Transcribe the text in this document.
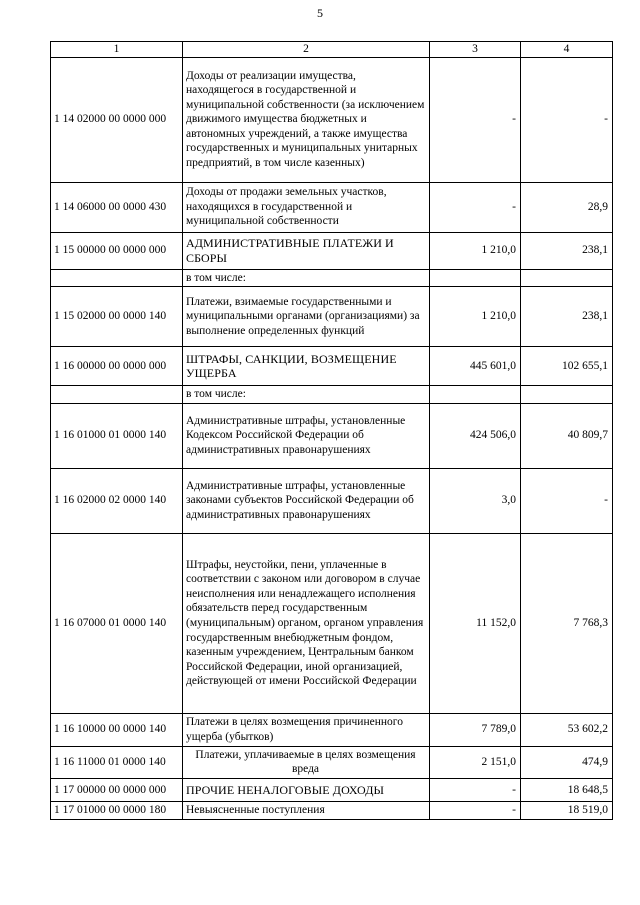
5
1	2	3	4
1 14 02000 00 0000 000	Доходы от реализации имущества, находящегося в государственной и муниципальной собственности (за исключением движимого имущества бюджетных и автономных учреждений, а также имущества государственных и муниципальных унитарных предприятий, в том числе казенных)	-	-
1 14 06000 00 0000 430	Доходы от продажи земельных участков, находящихся в государственной и муниципальной собственности	-	28,9
1 15 00000 00 0000 000	АДМИНИСТРАТИВНЫЕ ПЛАТЕЖИ И СБОРЫ	1 210,0	238,1
	в том числе:		
1 15 02000 00 0000 140	Платежи, взимаемые государственными и муниципальными органами (организациями) за выполнение определенных функций	1 210,0	238,1
1 16 00000 00 0000 000	ШТРАФЫ, САНКЦИИ, ВОЗМЕЩЕНИЕ УЩЕРБА	445 601,0	102 655,1
	в том числе:		
1 16 01000 01 0000 140	Административные штрафы, установленные Кодексом Российской Федерации об административных правонарушениях	424 506,0	40 809,7
1 16 02000 02 0000 140	Административные штрафы, установленные законами субъектов Российской Федерации об административных правонарушениях	3,0	-
1 16 07000 01 0000 140	Штрафы, неустойки, пени, уплаченные в соответствии с законом или договором в случае неисполнения или ненадлежащего исполнения обязательств перед государственным (муниципальным) органом, органом управления государственным внебюджетным фондом, казенным учреждением, Центральным банком Российской Федерации, иной организацией, действующей от имени Российской Федерации	11 152,0	7 768,3
1 16 10000 00 0000 140	Платежи в целях возмещения причиненного ущерба (убытков)	7 789,0	53 602,2
1 16 11000 01 0000 140	Платежи, уплачиваемые в целях возмещения вреда	2 151,0	474,9
1 17 00000 00 0000 000	ПРОЧИЕ НЕНАЛОГОВЫЕ ДОХОДЫ	-	18 648,5
1 17 01000 00 0000 180	Невыясненные поступления	-	18 519,0
